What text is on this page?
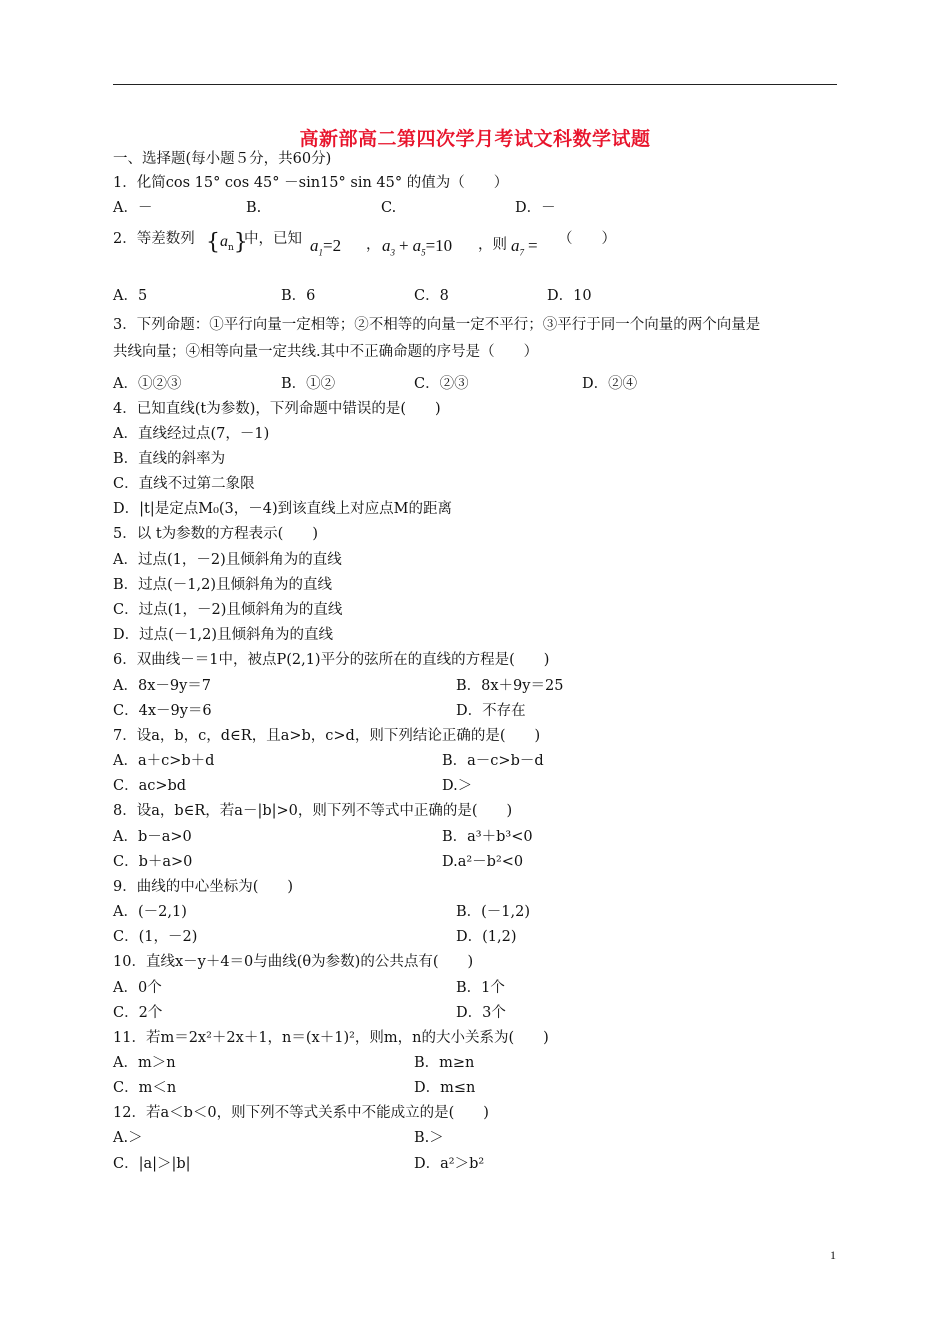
高新部高二第四次学月考试文科数学试题
一、选择题(每小题５分，共60分)
1．化简cos 15° cos 45° －sin15° sin 45° 的值为（　　）
A．－	B.	C.	D．－
2．等差数列 $\{a_n\}$
中，已知 $a_1=2$ ， $a_3 + a_5=10$ ，则 $a_7$ = （　　）
A．5	B．6	C．8	D．10
3．下列命题：①平行向量一定相等；②不相等的向量一定不平行；③平行于同一个向量的两个向量是
共线向量；④相等向量一定共线.其中不正确命题的序号是（　　）
A．①②③	B．①②	C．②③	D．②④
4．已知直线(t为参数)，下列命题中错误的是(　　)
A．直线经过点(7，－1)
B．直线的斜率为
C．直线不过第二象限
D．|t|是定点M₀(3，－4)到该直线上对应点M的距离
5．以 t为参数的方程表示(　　)
A．过点(1，－2)且倾斜角为的直线
B．过点(－1,2)且倾斜角为的直线
C．过点(1，－2)且倾斜角为的直线
D．过点(－1,2)且倾斜角为的直线
6．双曲线－＝1中，被点P(2,1)平分的弦所在的直线的方程是(　　)
A．8x－9y＝7	B．8x＋9y＝25
C．4x－9y＝6	D．不存在
7．设a，b，c，d∈R，且a>b，c>d，则下列结论正确的是(　　)
A．a＋c>b＋d	B．a－c>b－d
C．ac>bd	D.＞
8．设a，b∈R，若a－|b|>0，则下列不等式中正确的是(　　)
A．b－a>0	B．a³＋b³<0
C．b＋a>0	D.a²－b²<0
9．曲线的中心坐标为(　　)
A．(－2,1)	B．(－1,2)
C．(1，－2)	D．(1,2)
10．直线x－y＋4＝0与曲线(θ为参数)的公共点有(　　)
A．0个	B．1个
C．2个	D．3个
11．若m＝2x²＋2x＋1，n＝(x＋1)²，则m，n的大小关系为(　　)
A．m＞n	B．m≥n
C．m＜n	D．m≤n
12．若a＜b＜0，则下列不等式关系中不能成立的是(　　)
A.＞	B.＞
C．|a|＞|b|	D．a²＞b²
1
